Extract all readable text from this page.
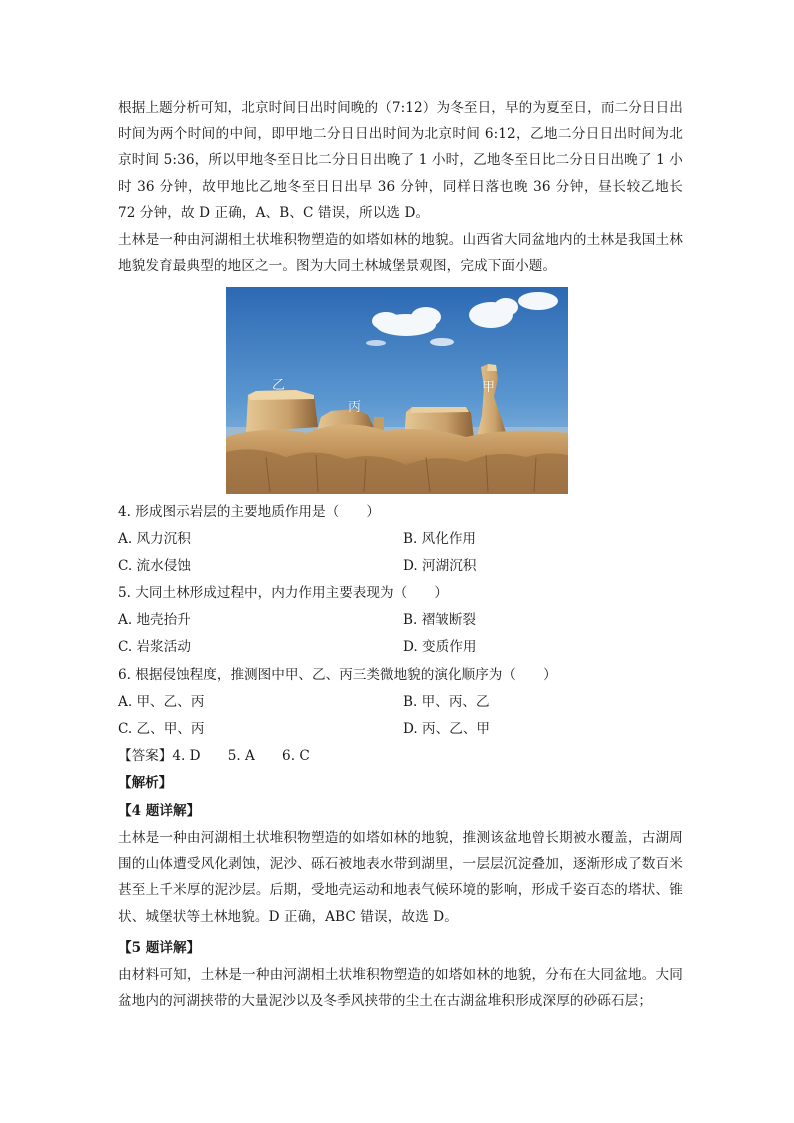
根据上题分析可知，北京时间日出时间晚的（7:12）为冬至日，早的为夏至日，而二分日日出时间为两个时间的中间，即甲地二分日日出时间为北京时间 6:12，乙地二分日日出时间为北京时间 5:36，所以甲地冬至日比二分日日出晚了 1 小时，乙地冬至日比二分日日出晚了 1 小时 36 分钟，故甲地比乙地冬至日日出早 36 分钟，同样日落也晚 36 分钟，昼长较乙地长 72 分钟，故 D 正确，A、B、C 错误，所以选 D。

土林是一种由河湖相土状堆积物塑造的如塔如林的地貌。山西省大同盆地内的土林是我国土林地貌发育最典型的地区之一。图为大同土林城堡景观图，完成下面小题。

乙
丙
甲
4. 形成图示岩层的主要地质作用是（　　）
A. 风力沉积	B. 风化作用
C. 流水侵蚀	D. 河湖沉积
5. 大同土林形成过程中，内力作用主要表现为（　　）
A. 地壳抬升	B. 褶皱断裂
C. 岩浆活动	D. 变质作用
6. 根据侵蚀程度，推测图中甲、乙、丙三类微地貌的演化顺序为（　　）
A. 甲、乙、丙	B. 甲、丙、乙
C. 乙、甲、丙	D. 丙、乙、甲
【答案】4. D　　5. A　　6. C
【解析】
【4 题详解】

土林是一种由河湖相土状堆积物塑造的如塔如林的地貌，推测该盆地曾长期被水覆盖，古湖周围的山体遭受风化剥蚀，泥沙、砾石被地表水带到湖里，一层层沉淀叠加，逐渐形成了数百米甚至上千米厚的泥沙层。后期，受地壳运动和地表气候环境的影响，形成千姿百态的塔状、锥状、城堡状等土林地貌。D 正确，ABC 错误，故选 D。

【5 题详解】

由材料可知，土林是一种由河湖相土状堆积物塑造的如塔如林的地貌，分布在大同盆地。大同盆地内的河湖挟带的大量泥沙以及冬季风挟带的尘土在古湖盆堆积形成深厚的砂砾石层；
